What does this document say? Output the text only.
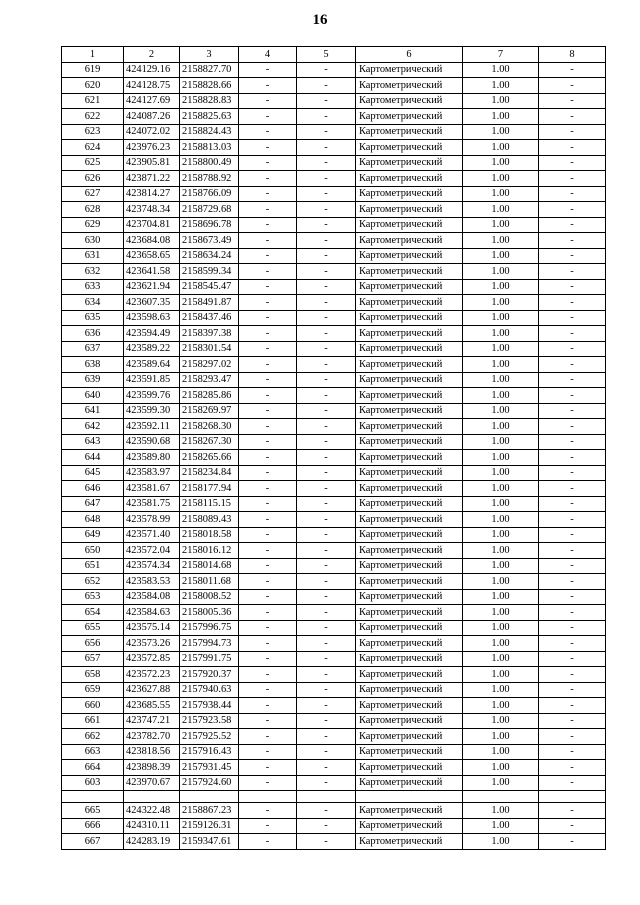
16
1	2	3	4	5	6	7	8
619	424129.16	2158827.70	-	-	Картометрический	1.00	-
620	424128.75	2158828.66	-	-	Картометрический	1.00	-
621	424127.69	2158828.83	-	-	Картометрический	1.00	-
622	424087.26	2158825.63	-	-	Картометрический	1.00	-
623	424072.02	2158824.43	-	-	Картометрический	1.00	-
624	423976.23	2158813.03	-	-	Картометрический	1.00	-
625	423905.81	2158800.49	-	-	Картометрический	1.00	-
626	423871.22	2158788.92	-	-	Картометрический	1.00	-
627	423814.27	2158766.09	-	-	Картометрический	1.00	-
628	423748.34	2158729.68	-	-	Картометрический	1.00	-
629	423704.81	2158696.78	-	-	Картометрический	1.00	-
630	423684.08	2158673.49	-	-	Картометрический	1.00	-
631	423658.65	2158634.24	-	-	Картометрический	1.00	-
632	423641.58	2158599.34	-	-	Картометрический	1.00	-
633	423621.94	2158545.47	-	-	Картометрический	1.00	-
634	423607.35	2158491.87	-	-	Картометрический	1.00	-
635	423598.63	2158437.46	-	-	Картометрический	1.00	-
636	423594.49	2158397.38	-	-	Картометрический	1.00	-
637	423589.22	2158301.54	-	-	Картометрический	1.00	-
638	423589.64	2158297.02	-	-	Картометрический	1.00	-
639	423591.85	2158293.47	-	-	Картометрический	1.00	-
640	423599.76	2158285.86	-	-	Картометрический	1.00	-
641	423599.30	2158269.97	-	-	Картометрический	1.00	-
642	423592.11	2158268.30	-	-	Картометрический	1.00	-
643	423590.68	2158267.30	-	-	Картометрический	1.00	-
644	423589.80	2158265.66	-	-	Картометрический	1.00	-
645	423583.97	2158234.84	-	-	Картометрический	1.00	-
646	423581.67	2158177.94	-	-	Картометрический	1.00	-
647	423581.75	2158115.15	-	-	Картометрический	1.00	-
648	423578.99	2158089.43	-	-	Картометрический	1.00	-
649	423571.40	2158018.58	-	-	Картометрический	1.00	-
650	423572.04	2158016.12	-	-	Картометрический	1.00	-
651	423574.34	2158014.68	-	-	Картометрический	1.00	-
652	423583.53	2158011.68	-	-	Картометрический	1.00	-
653	423584.08	2158008.52	-	-	Картометрический	1.00	-
654	423584.63	2158005.36	-	-	Картометрический	1.00	-
655	423575.14	2157996.75	-	-	Картометрический	1.00	-
656	423573.26	2157994.73	-	-	Картометрический	1.00	-
657	423572.85	2157991.75	-	-	Картометрический	1.00	-
658	423572.23	2157920.37	-	-	Картометрический	1.00	-
659	423627.88	2157940.63	-	-	Картометрический	1.00	-
660	423685.55	2157938.44	-	-	Картометрический	1.00	-
661	423747.21	2157923.58	-	-	Картометрический	1.00	-
662	423782.70	2157925.52	-	-	Картометрический	1.00	-
663	423818.56	2157916.43	-	-	Картометрический	1.00	-
664	423898.39	2157931.45	-	-	Картометрический	1.00	-
603	423970.67	2157924.60	-	-	Картометрический	1.00	-

665	424322.48	2158867.23	-	-	Картометрический	1.00	-
666	424310.11	2159126.31	-	-	Картометрический	1.00	-
667	424283.19	2159347.61	-	-	Картометрический	1.00	-
